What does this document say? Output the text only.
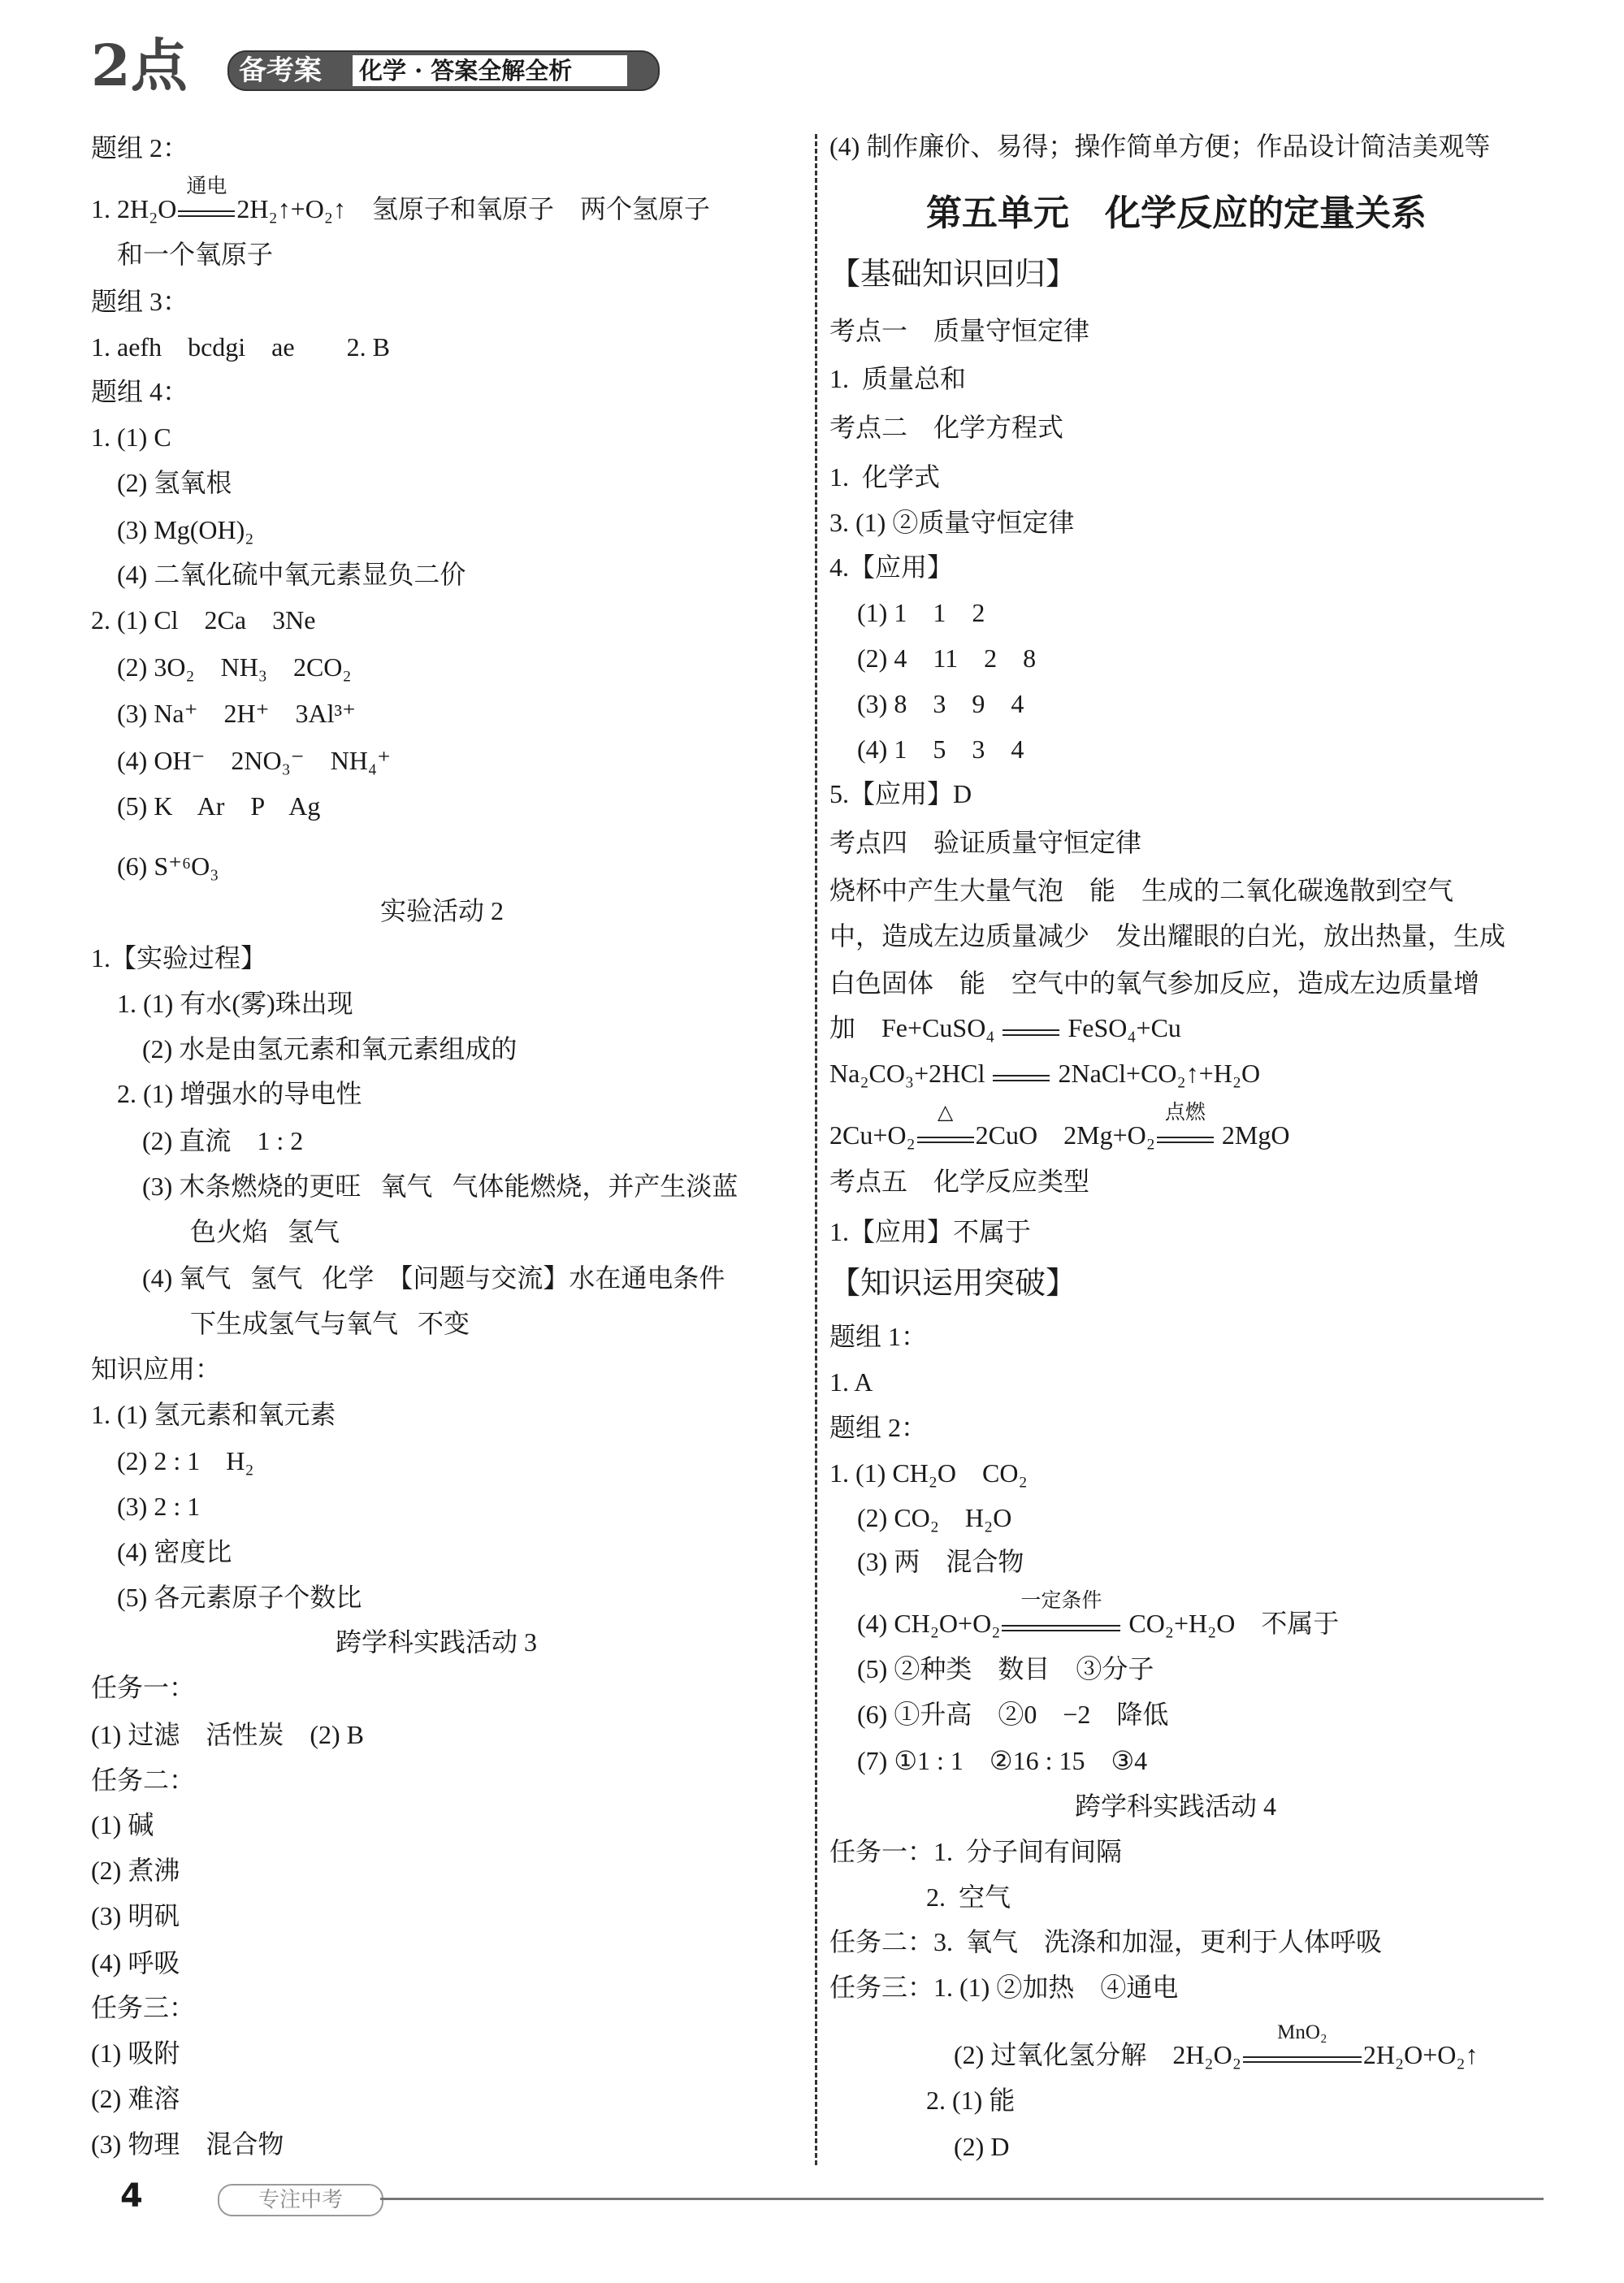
2点	备考案 化学 · 答案全解全析
题组 2：
1. 2H₂O
通电
2H₂↑+O₂↑    氢原子和氧原子    两个氢原子
和一个氧原子
题组 3：
1. aefh    bcdgi    ae        2. B
题组 4：
1. (1) C
(2) 氢氧根
(3) Mg(OH)₂
(4) 二氧化硫中氧元素显负二价
2. (1) Cl    2Ca    3Ne
(2) 3O₂    NH₃    2CO₂
(3) Na⁺    2H⁺    3Al³⁺
(4) OH⁻    2NO₃⁻    NH₄⁺
(5) K    Ar    P    Ag
(6) S⁺⁶O₃
实验活动 2
1.【实验过程】
1. (1) 有水(雾)珠出现
(2) 水是由氢元素和氧元素组成的
2. (1) 增强水的导电性
(2) 直流    1 : 2
(3) 木条燃烧的更旺   氧气   气体能燃烧，并产生淡蓝
色火焰   氢气
(4) 氧气   氢气   化学  【问题与交流】水在通电条件
下生成氢气与氧气   不变
知识应用：
1. (1) 氢元素和氧元素
(2) 2 : 1    H₂
(3) 2 : 1
(4) 密度比
(5) 各元素原子个数比
跨学科实践活动 3
任务一：
(1) 过滤    活性炭    (2) B
任务二：
(1) 碱
(2) 煮沸
(3) 明矾
(4) 呼吸
任务三：
(1) 吸附
(2) 难溶
(3) 物理    混合物
(4) 制作廉价、易得；操作简单方便；作品设计简洁美观等
第五单元    化学反应的定量关系
【基础知识回归】
考点一    质量守恒定律
1.  质量总和
考点二    化学方程式
1.  化学式
3. (1) ②质量守恒定律
4.【应用】
(1) 1    1    2
(2) 4    11    2    8
(3) 8    3    9    4
(4) 1    5    3    4
5.【应用】D
考点四    验证质量守恒定律
烧杯中产生大量气泡    能    生成的二氧化碳逸散到空气
中，造成左边质量减少    发出耀眼的白光，放出热量，生成
白色固体    能    空气中的氧气参加反应，造成左边质量增
加    Fe+CuSO₄
FeSO₄+Cu
Na₂CO₃+2HCl
2NaCl+CO₂↑+H₂O
2Cu+O₂
△
2CuO    2Mg+O₂
点燃
2MgO
考点五    化学反应类型
1.【应用】不属于
【知识运用突破】
题组 1：
1. A
题组 2：
1. (1) CH₂O    CO₂
(2) CO₂    H₂O
(3) 两    混合物
(4) CH₂O+O₂
一定条件
CO₂+H₂O    不属于
(5) ②种类    数目    ③分子
(6) ①升高    ②0    −2    降低
(7) ①1 : 1    ②16 : 15    ③4
跨学科实践活动 4
任务一：1.  分子间有间隔
2.  空气
任务二：3.  氧气    洗涤和加湿，更利于人体呼吸
任务三：1. (1) ②加热    ④通电
(2) 过氧化氢分解    2H₂O₂
MnO₂
2H₂O+O₂↑
2. (1) 能
(2) D
4	专注中考
